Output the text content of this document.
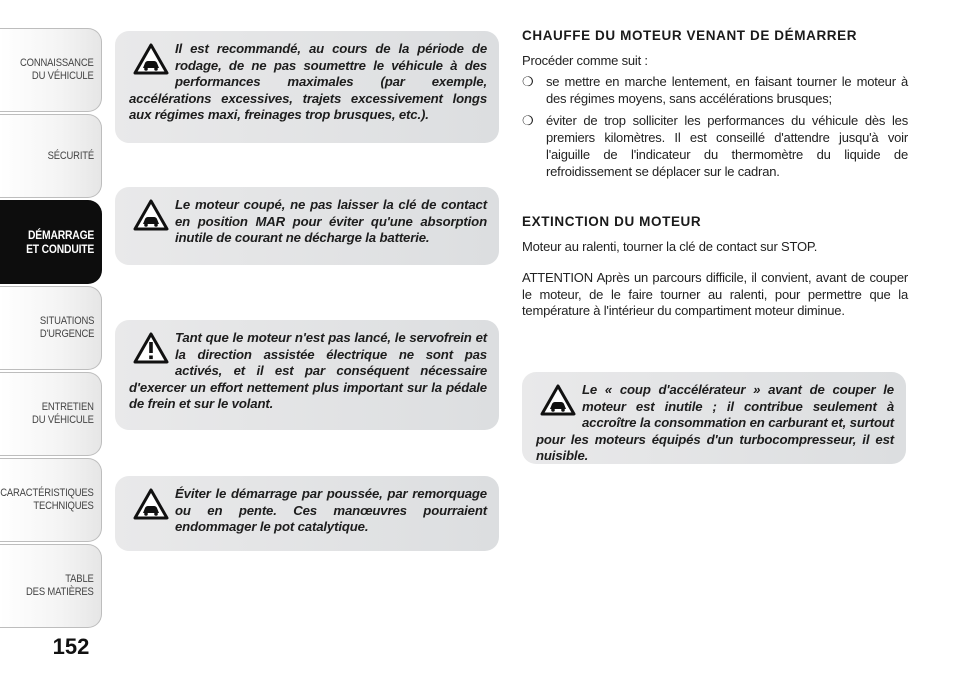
CONNAISSANCE
DU VÉHICULE
SÉCURITÉ
DÉMARRAGE
ET CONDUITE
SITUATIONS
D'URGENCE
ENTRETIEN
DU VÉHICULE
CARACTÉRISTIQUES
TECHNIQUES
TABLE
DES MATIÈRES
152

Il est recommandé, au cours de la période de rodage, de ne pas soumettre le véhicule à des performances maximales (par exemple, accélérations excessives, trajets excessivement longs aux régimes maxi, freinages trop brusques, etc.).

Le moteur coupé, ne pas laisser la clé de contact en position MAR pour éviter qu'une absorption inutile de courant ne décharge la batterie.

Tant que le moteur n'est pas lancé, le servofrein et la direction assistée électrique ne sont pas activés, et il est par conséquent nécessaire d'exercer un effort nettement plus important sur la pédale de frein et sur le volant.

Éviter le démarrage par poussée, par remorquage ou en pente. Ces manœuvres pourraient endommager le pot catalytique.

CHAUFFE DU MOTEUR VENANT DE DÉMARRER
Procéder comme suit :
❍ se mettre en marche lentement, en faisant tourner le moteur à des régimes moyens, sans accélérations brusques;
❍ éviter de trop solliciter les performances du véhicule dès les premiers kilomètres. Il est conseillé d'attendre jusqu'à voir l'aiguille de l'indicateur du thermomètre du liquide de refroidissement se déplacer sur le cadran.
EXTINCTION DU MOTEUR
Moteur au ralenti, tourner la clé de contact sur STOP.
ATTENTION Après un parcours difficile, il convient, avant de couper le moteur, de le faire tourner au ralenti, pour permettre que la température à l'intérieur du compartiment moteur diminue.

Le « coup d'accélérateur » avant de couper le moteur est inutile ; il contribue seulement à accroître la consommation en carburant et, surtout pour les moteurs équipés d'un turbocompresseur, il est nuisible.
